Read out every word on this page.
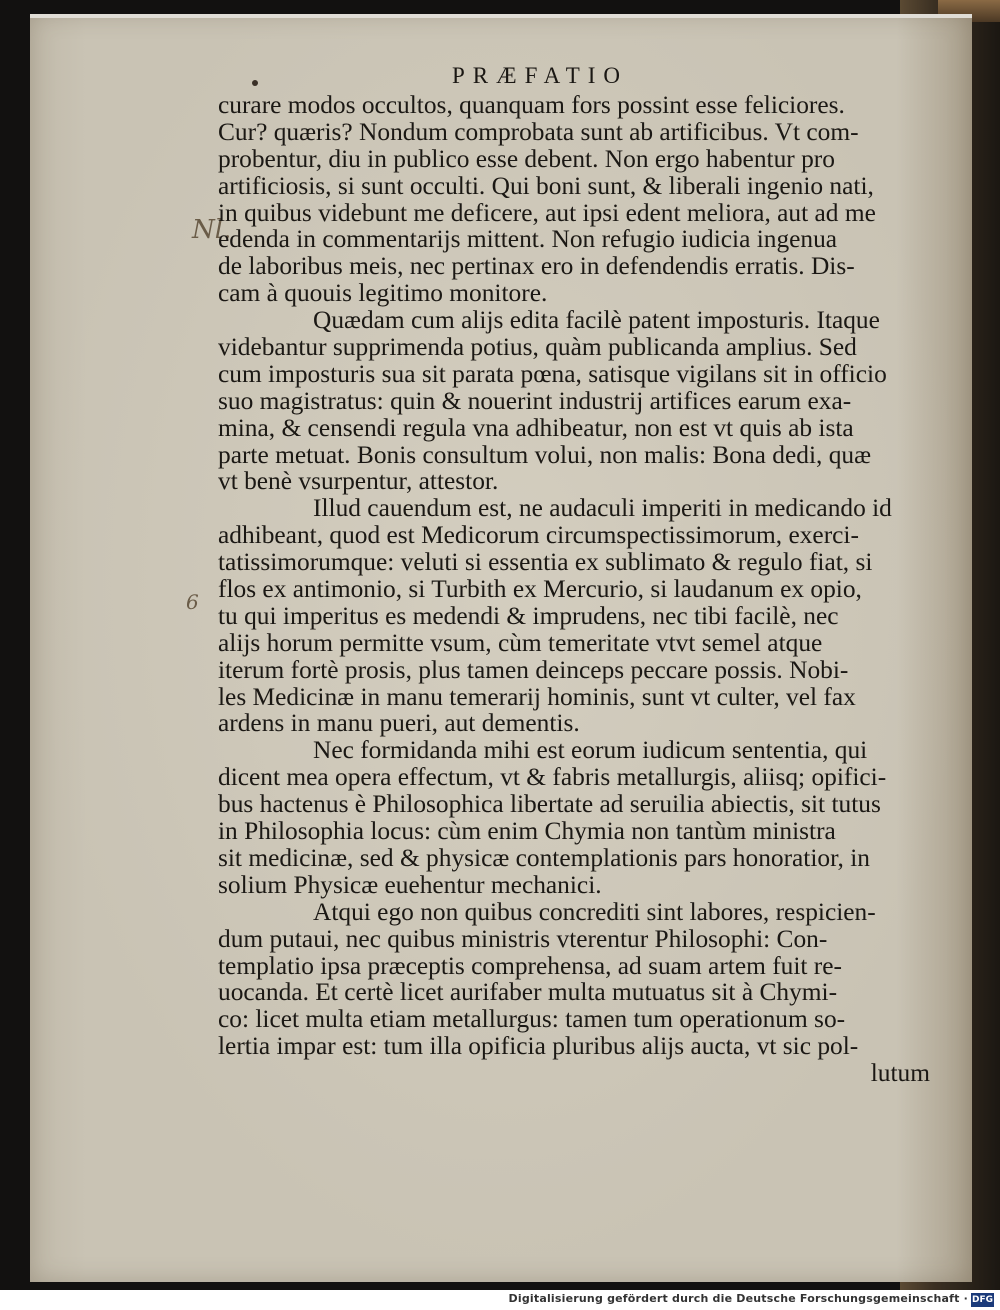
PRÆFATIO
Nl.
6
curare modos occultos, quanquam fors possint esse feliciores.
Cur? quæris? Nondum comprobata sunt ab artificibus. Vt com-
probentur, diu in publico esse debent. Non ergo habentur pro
artificiosis, si sunt occulti. Qui boni sunt, & liberali ingenio nati,
in quibus videbunt me deficere, aut ipsi edent meliora, aut ad me
edenda in commentarijs mittent. Non refugio iudicia ingenua
de laboribus meis, nec pertinax ero in defendendis erratis. Dis-
cam à quouis legitimo monitore.
Quædam cum alijs edita facilè patent imposturis. Itaque
videbantur supprimenda potius, quàm publicanda amplius. Sed
cum imposturis sua sit parata pœna, satisque vigilans sit in officio
suo magistratus: quin & nouerint industrij artifices earum exa-
mina, & censendi regula vna adhibeatur, non est vt quis ab ista
parte metuat. Bonis consultum volui, non malis: Bona dedi, quæ
vt benè vsurpentur, attestor.
Illud cauendum est, ne audaculi imperiti in medicando id
adhibeant, quod est Medicorum circumspectissimorum, exerci-
tatissimorumque: veluti si essentia ex sublimato & regulo fiat, si
flos ex antimonio, si Turbith ex Mercurio, si laudanum ex opio,
tu qui imperitus es medendi & imprudens, nec tibi facilè, nec
alijs horum permitte vsum, cùm temeritate vtvt semel atque
iterum fortè prosis, plus tamen deinceps peccare possis. Nobi-
les Medicinæ in manu temerarij hominis, sunt vt culter, vel fax
ardens in manu pueri, aut dementis.
Nec formidanda mihi est eorum iudicum sententia, qui
dicent mea opera effectum, vt & fabris metallurgis, aliisq; opifici-
bus hactenus è Philosophica libertate ad seruilia abiectis, sit tutus
in Philosophia locus: cùm enim Chymia non tantùm ministra
sit medicinæ, sed & physicæ contemplationis pars honoratior, in
solium Physicæ euehentur mechanici.
Atqui ego non quibus concrediti sint labores, respicien-
dum putaui, nec quibus ministris vterentur Philosophi: Con-
templatio ipsa præceptis comprehensa, ad suam artem fuit re-
uocanda. Et certè licet aurifaber multa mutuatus sit à Chymi-
co: licet multa etiam metallurgus: tamen tum operationum so-
lertia impar est: tum illa opificia pluribus alijs aucta, vt sic pol-
lutum
Digitalisierung gefördert durch die Deutsche Forschungsgemeinschaft · DFG
